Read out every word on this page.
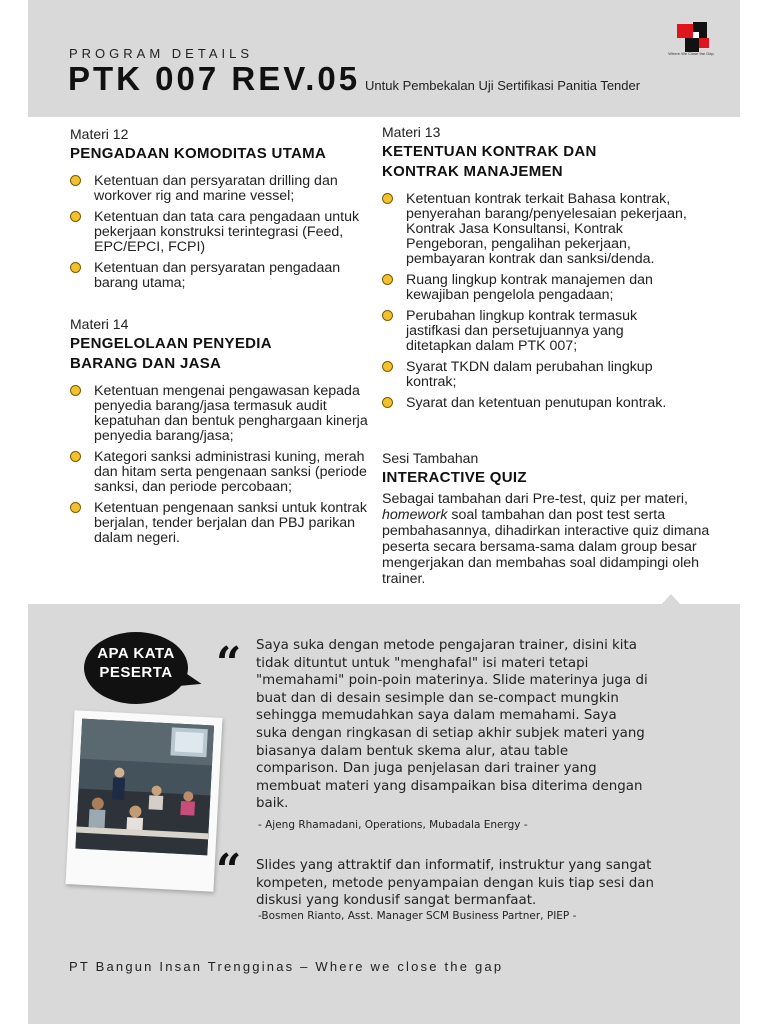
PROGRAM DETAILS
PTK 007 REV.05 Untuk Pembekalan Uji Sertifikasi Panitia Tender
Where We Close the Gap
Materi 12
PENGADAAN KOMODITAS UTAMA
Ketentuan dan persyaratan drilling dan workover rig and marine vessel;
Ketentuan dan tata cara pengadaan untuk pekerjaan konstruksi terintegrasi (Feed, EPC/EPCI, FCPI)
Ketentuan dan persyaratan pengadaan barang utama;
Materi 14
PENGELOLAAN PENYEDIA BARANG DAN JASA
Ketentuan mengenai pengawasan kepada penyedia barang/jasa termasuk audit kepatuhan dan bentuk penghargaan kinerja penyedia barang/jasa;
Kategori sanksi administrasi kuning, merah dan hitam serta pengenaan sanksi (periode sanksi, dan periode percobaan;
Ketentuan pengenaan sanksi untuk kontrak berjalan, tender berjalan dan PBJ parikan dalam negeri.
Materi 13
KETENTUAN KONTRAK DAN KONTRAK MANAJEMEN
Ketentuan kontrak terkait Bahasa kontrak, penyerahan barang/penyelesaian pekerjaan, Kontrak Jasa Konsultansi, Kontrak Pengeboran, pengalihan pekerjaan, pembayaran kontrak dan sanksi/denda.
Ruang lingkup kontrak manajemen dan kewajiban pengelola pengadaan;
Perubahan lingkup kontrak termasuk jastifkasi dan persetujuannya yang ditetapkan dalam PTK 007;
Syarat TKDN dalam perubahan lingkup kontrak;
Syarat dan ketentuan penutupan kontrak.
Sesi Tambahan
INTERACTIVE QUIZ
Sebagai tambahan dari Pre-test, quiz per materi, homework soal tambahan dan post test serta pembahasannya, dihadirkan interactive quiz dimana peserta secara bersama-sama dalam group besar mengerjakan dan membahas soal didampingi oleh trainer.
APA KATA PESERTA “ Saya suka dengan metode pengajaran trainer, disini kita tidak dituntut untuk "menghafal" isi materi tetapi "memahami" poin-poin materinya. Slide materinya juga di buat dan di desain sesimple dan se-compact mungkin sehingga memudahkan saya dalam memahami. Saya suka dengan ringkasan di setiap akhir subjek materi yang biasanya dalam bentuk skema alur, atau table comparison. Dan juga penjelasan dari trainer yang membuat materi yang disampaikan bisa diterima dengan baik.
- Ajeng Rhamadani, Operations, Mubadala Energy -
“ Slides yang attraktif dan informatif, instruktur yang sangat kompeten, metode penyampaian dengan kuis tiap sesi dan diskusi yang kondusif sangat bermanfaat.
-Bosmen Rianto, Asst. Manager SCM Business Partner, PIEP -
PT Bangun Insan Trengginas – Where we close the gap
